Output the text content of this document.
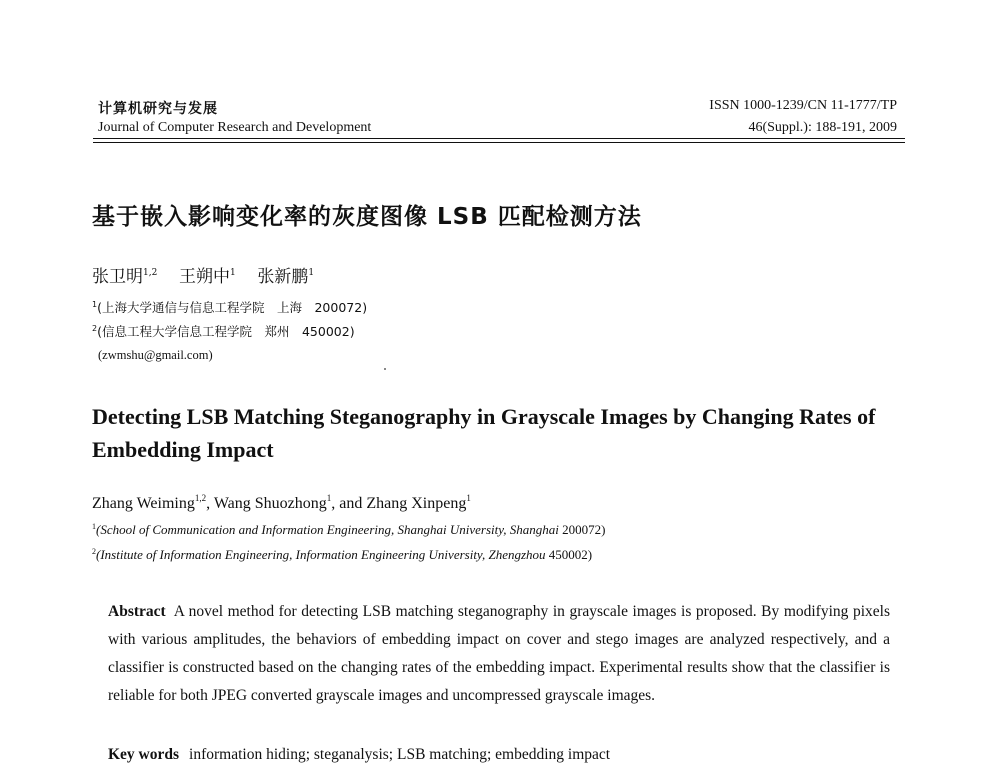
计算机研究与发展
Journal of Computer Research and Development
ISSN 1000-1239/CN 11-1777/TP
46(Suppl.): 188-191, 2009
基于嵌入影响变化率的灰度图像 LSB 匹配检测方法
张卫明$^{1,2}$ 王朔中$^1$ 张新鹏$^1$
$^1$(上海大学通信与信息工程学院　上海　200072)
$^2$(信息工程大学信息工程学院　郑州　450002)
(zwmshu@gmail.com)
Detecting LSB Matching Steganography in Grayscale Images by Changing Rates of Embedding Impact
Zhang Weiming$^{1,2}$, Wang Shuozhong$^1$, and Zhang Xinpeng$^1$
$^1$(School of Communication and Information Engineering, Shanghai University, Shanghai 200072)
$^2$(Institute of Information Engineering, Information Engineering University, Zhengzhou 450002)
Abstract A novel method for detecting LSB matching steganography in grayscale images is proposed. By modifying pixels with various amplitudes, the behaviors of embedding impact on cover and stego images are analyzed respectively, and a classifier is constructed based on the changing rates of the embedding impact. Experimental results show that the classifier is reliable for both JPEG converted grayscale images and uncompressed grayscale images.
Key words information hiding; steganalysis; LSB matching; embedding impact
